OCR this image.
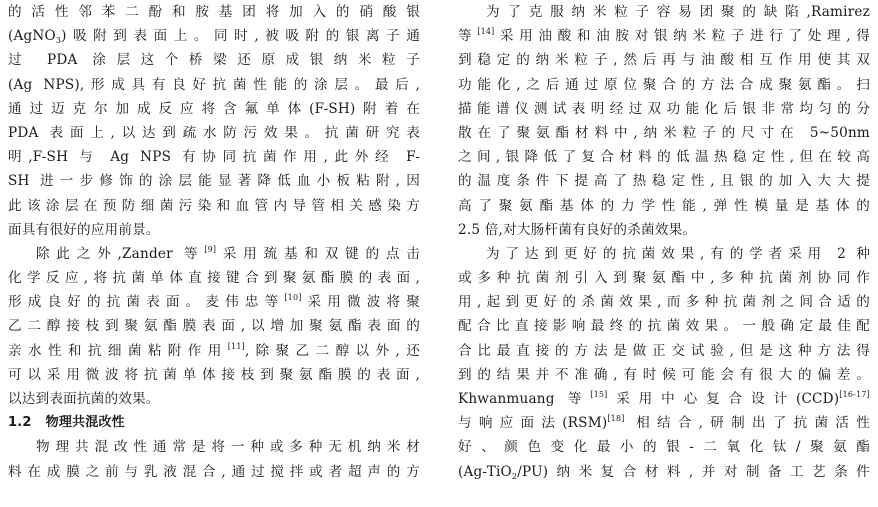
的活性邻苯二酚和胺基团将加入的硝酸银
(AgNO$_3$)吸附到表面上。同时,被吸附的银离子通
过 PDA 涂层这个桥梁还原成银纳米粒子
(Ag NPS),形成具有良好抗菌性能的涂层。最后,
通过迈克尔加成反应将含氟单体(F-SH)附着在
PDA 表面上,以达到疏水防污效果。抗菌研究表
明,F-SH 与 Ag NPS 有协同抗菌作用,此外经 F-
SH 进一步修饰的涂层能显著降低血小板粘附,因
此该涂层在预防细菌污染和血管内导管相关感染方
面具有很好的应用前景。
除此之外,Zander 等[9]采用巯基和双键的点击
化学反应,将抗菌单体直接键合到聚氨酯膜的表面,
形成良好的抗菌表面。麦伟忠等[10]采用微波将聚
乙二醇接枝到聚氨酯膜表面,以增加聚氨酯表面的
亲水性和抗细菌粘附作用[11],除聚乙二醇以外,还
可以采用微波将抗菌单体接枝到聚氨酯膜的表面,
以达到表面抗菌的效果。
1.2 物理共混改性
物理共混改性通常是将一种或多种无机纳米材
料在成膜之前与乳液混合,通过搅拌或者超声的方
为了克服纳米粒子容易团聚的缺陷,Ramirez
等[14]采用油酸和油胺对银纳米粒子进行了处理,得
到稳定的纳米粒子,然后再与油酸相互作用使其双
功能化,之后通过原位聚合的方法合成聚氨酯。扫
描能谱仪测试表明经过双功能化后银非常均匀的分
散在了聚氨酯材料中,纳米粒子的尺寸在 5~50nm
之间,银降低了复合材料的低温热稳定性,但在较高
的温度条件下提高了热稳定性,且银的加入大大提
高了聚氨酯基体的力学性能,弹性模量是基体的
2.5 倍,对大肠杆菌有良好的杀菌效果。
为了达到更好的抗菌效果,有的学者采用 2 种
或多种抗菌剂引入到聚氨酯中,多种抗菌剂协同作
用,起到更好的杀菌效果,而多种抗菌剂之间合适的
配合比直接影响最终的抗菌效果。一般确定最佳配
合比最直接的方法是做正交试验,但是这种方法得
到的结果并不准确,有时候可能会有很大的偏差。
Khwanmuang 等[15]采用中心复合设计(CCD)[16-17]
与响应面法(RSM)[18] 相结合,研制出了抗菌活性
好、颜色变化最小的银-二氧化钛/聚氨酯
(Ag-TiO$_2$/PU)纳米复合材料,并对制备工艺条件
